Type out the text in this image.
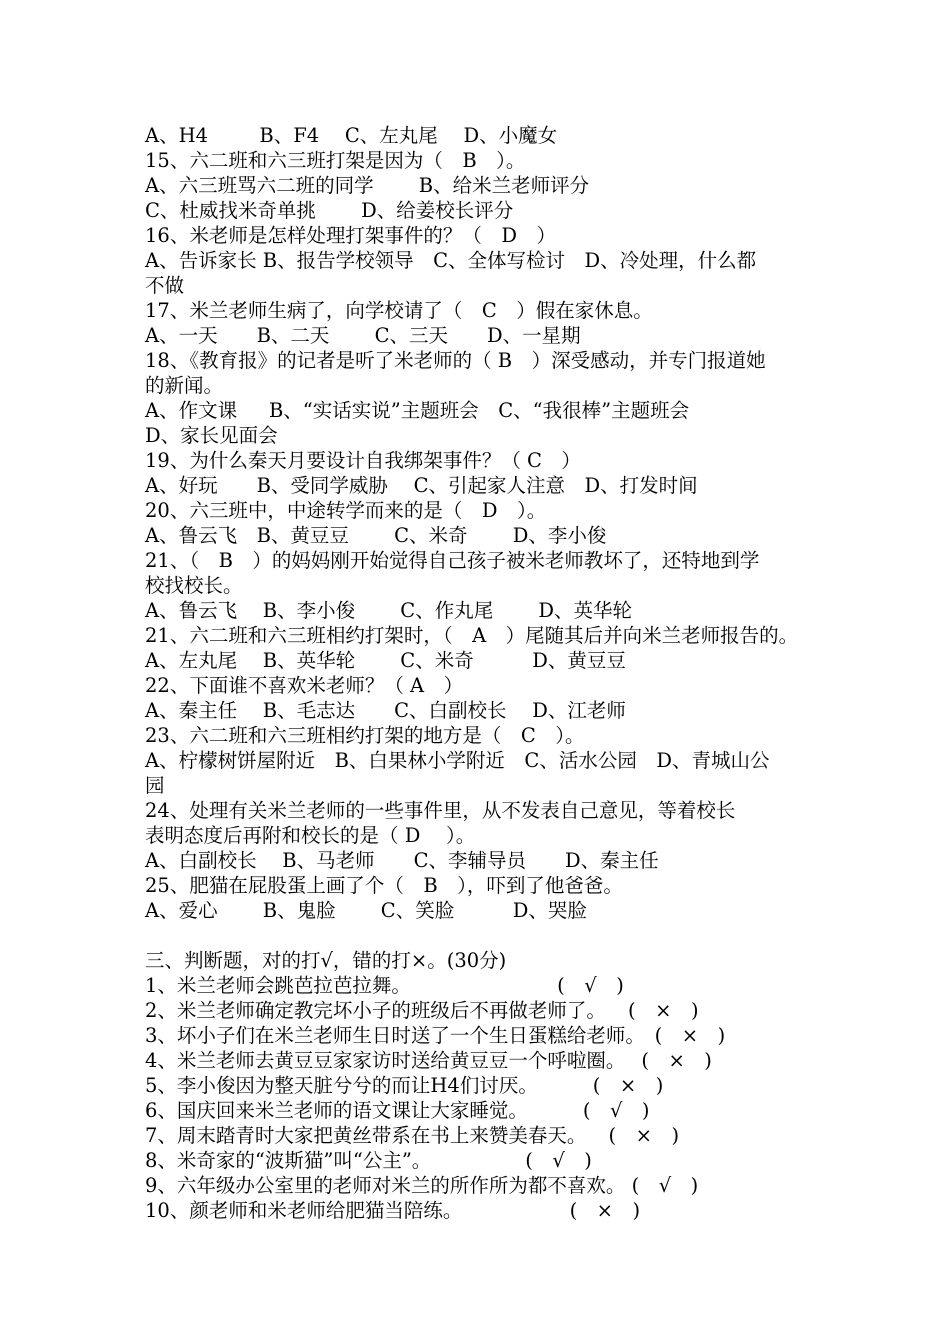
A、H4　　  B、F4　 C、左丸尾　 D、小魔女
15、六二班和六三班打架是因为（　B　）。
A、六三班骂六二班的同学　　 B、给米兰老师评分
C、杜威找米奇单挑　　 D、给姜校长评分
16、米老师是怎样处理打架事件的？（　D　）
A、告诉家长 B、报告学校领导　C、全体写检讨　D、冷处理，什么都
不做
17、米兰老师生病了，向学校请了（　C　）假在家休息。
A、一天　　B、二天　　 C、三天　　D、一星期
18、《教育报》的记者是听了米老师的（ B　）深受感动，并专门报道她
的新闻。
A、作文课　  B、“实话实说”主题班会　C、“我很棒”主题班会
D、家长见面会
19、为什么秦天月要设计自我绑架事件？（ C　）
A、好玩　　B、受同学威胁　 C、引起家人注意　D、打发时间
20、六三班中，中途转学而来的是（　D　）。
A、鲁云飞　B、黄豆豆　　 C、米奇　　 D、李小俊
21、（　B　）的妈妈刚开始觉得自己孩子被米老师教坏了，还特地到学
校找校长。
A、鲁云飞　 B、李小俊　　 C、作丸尾　　 D、英华轮
21、六二班和六三班相约打架时，（　A　）尾随其后并向米兰老师报告的。
A、左丸尾　 B、英华轮　　 C、米奇　　　D、黄豆豆
22、下面谁不喜欢米老师？（ A　）
A、秦主任　 B、毛志达　　C、白副校长　 D、江老师
23、六二班和六三班相约打架的地方是（　C　）。
A、柠檬树饼屋附近　B、白果林小学附近　C、活水公园　D、青城山公
园
24、处理有关米兰老师的一些事件里，从不发表自己意见，等着校长
表明态度后再附和校长的是（ D　 ）。
A、白副校长　 B、马老师　　C、李辅导员　　D、秦主任
25、肥猫在屁股蛋上画了个（　B　），吓到了他爸爸。
A、爱心　　 B、鬼脸　　 C、笑脸　　　D、哭脸
三、判断题，对的打√，错的打×。(30分)
1、米兰老师会跳芭拉芭拉舞。　　　　　　　　(　√　)
2、米兰老师确定教完坏小子的班级后不再做老师了。　  (　×　)
3、坏小子们在米兰老师生日时送了一个生日蛋糕给老师。　(　×　)
4、米兰老师去黄豆豆家家访时送给黄豆豆一个呼啦圈。　 (　×　)
5、李小俊因为整天脏兮兮的而让H4们讨厌。　　　 (　×　)
6、国庆回来米兰老师的语文课让大家睡觉。　　　 (　√　)
7、周末踏青时大家把黄丝带系在书上来赞美春天。　  (　×　)
8、米奇家的“波斯猫”叫“公主”。　　　　　 (　√　)
9、六年级办公室里的老师对米兰的所作所为都不喜欢。 (　√　)
10、颜老师和米老师给肥猫当陪练。　　　　　　(　×　)
